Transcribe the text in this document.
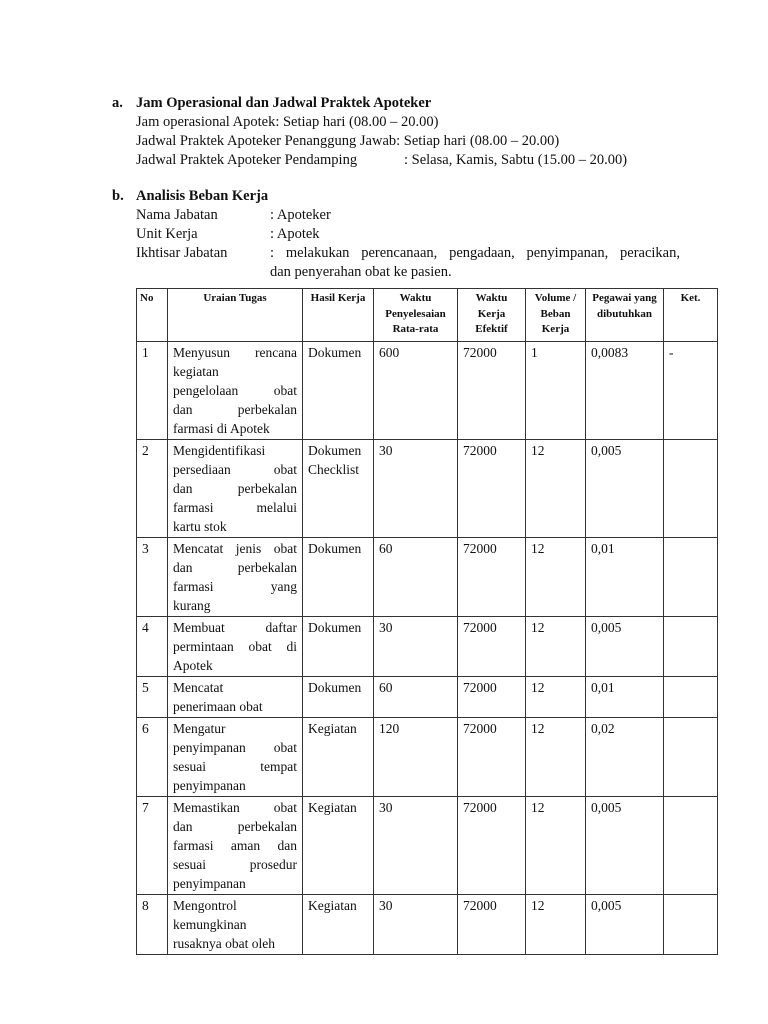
a. Jam Operasional dan Jadwal Praktek Apoteker
Jam operasional Apotek: Setiap hari (08.00 – 20.00)
Jadwal Praktek Apoteker Penanggung Jawab: Setiap hari (08.00 – 20.00)
Jadwal Praktek Apoteker Pendamping	: Selasa, Kamis, Sabtu (15.00 – 20.00)
b. Analisis Beban Kerja
Nama Jabatan	: Apoteker
Unit Kerja	: Apotek
Ikhtisar Jabatan	: melakukan perencanaan, pengadaan, penyimpanan, peracikan,
dan penyerahan obat ke pasien.
No	Uraian Tugas	Hasil Kerja	Waktu Penyelesaian Rata-rata	Waktu Kerja Efektif	Volume / Beban Kerja	Pegawai yang dibutuhkan	Ket.
1	Menyusun rencana
kegiatan
pengelolaan obat
dan perbekalan
farmasi di Apotek	Dokumen	600	72000	1	0,0083	-
2	Mengidentifikasi
persediaan obat
dan perbekalan
farmasi melalui
kartu stok	Dokumen Checklist	30	72000	12	0,005	
3	Mencatat jenis obat
dan perbekalan
farmasi yang
kurang	Dokumen	60	72000	12	0,01	
4	Membuat daftar
permintaan obat di
Apotek	Dokumen	30	72000	12	0,005	
5	Mencatat
penerimaan obat	Dokumen	60	72000	12	0,01	
6	Mengatur
penyimpanan obat
sesuai tempat
penyimpanan	Kegiatan	120	72000	12	0,02	
7	Memastikan obat
dan perbekalan
farmasi aman dan
sesuai prosedur
penyimpanan	Kegiatan	30	72000	12	0,005	
8	Mengontrol
kemungkinan
rusaknya obat oleh	Kegiatan	30	72000	12	0,005	
